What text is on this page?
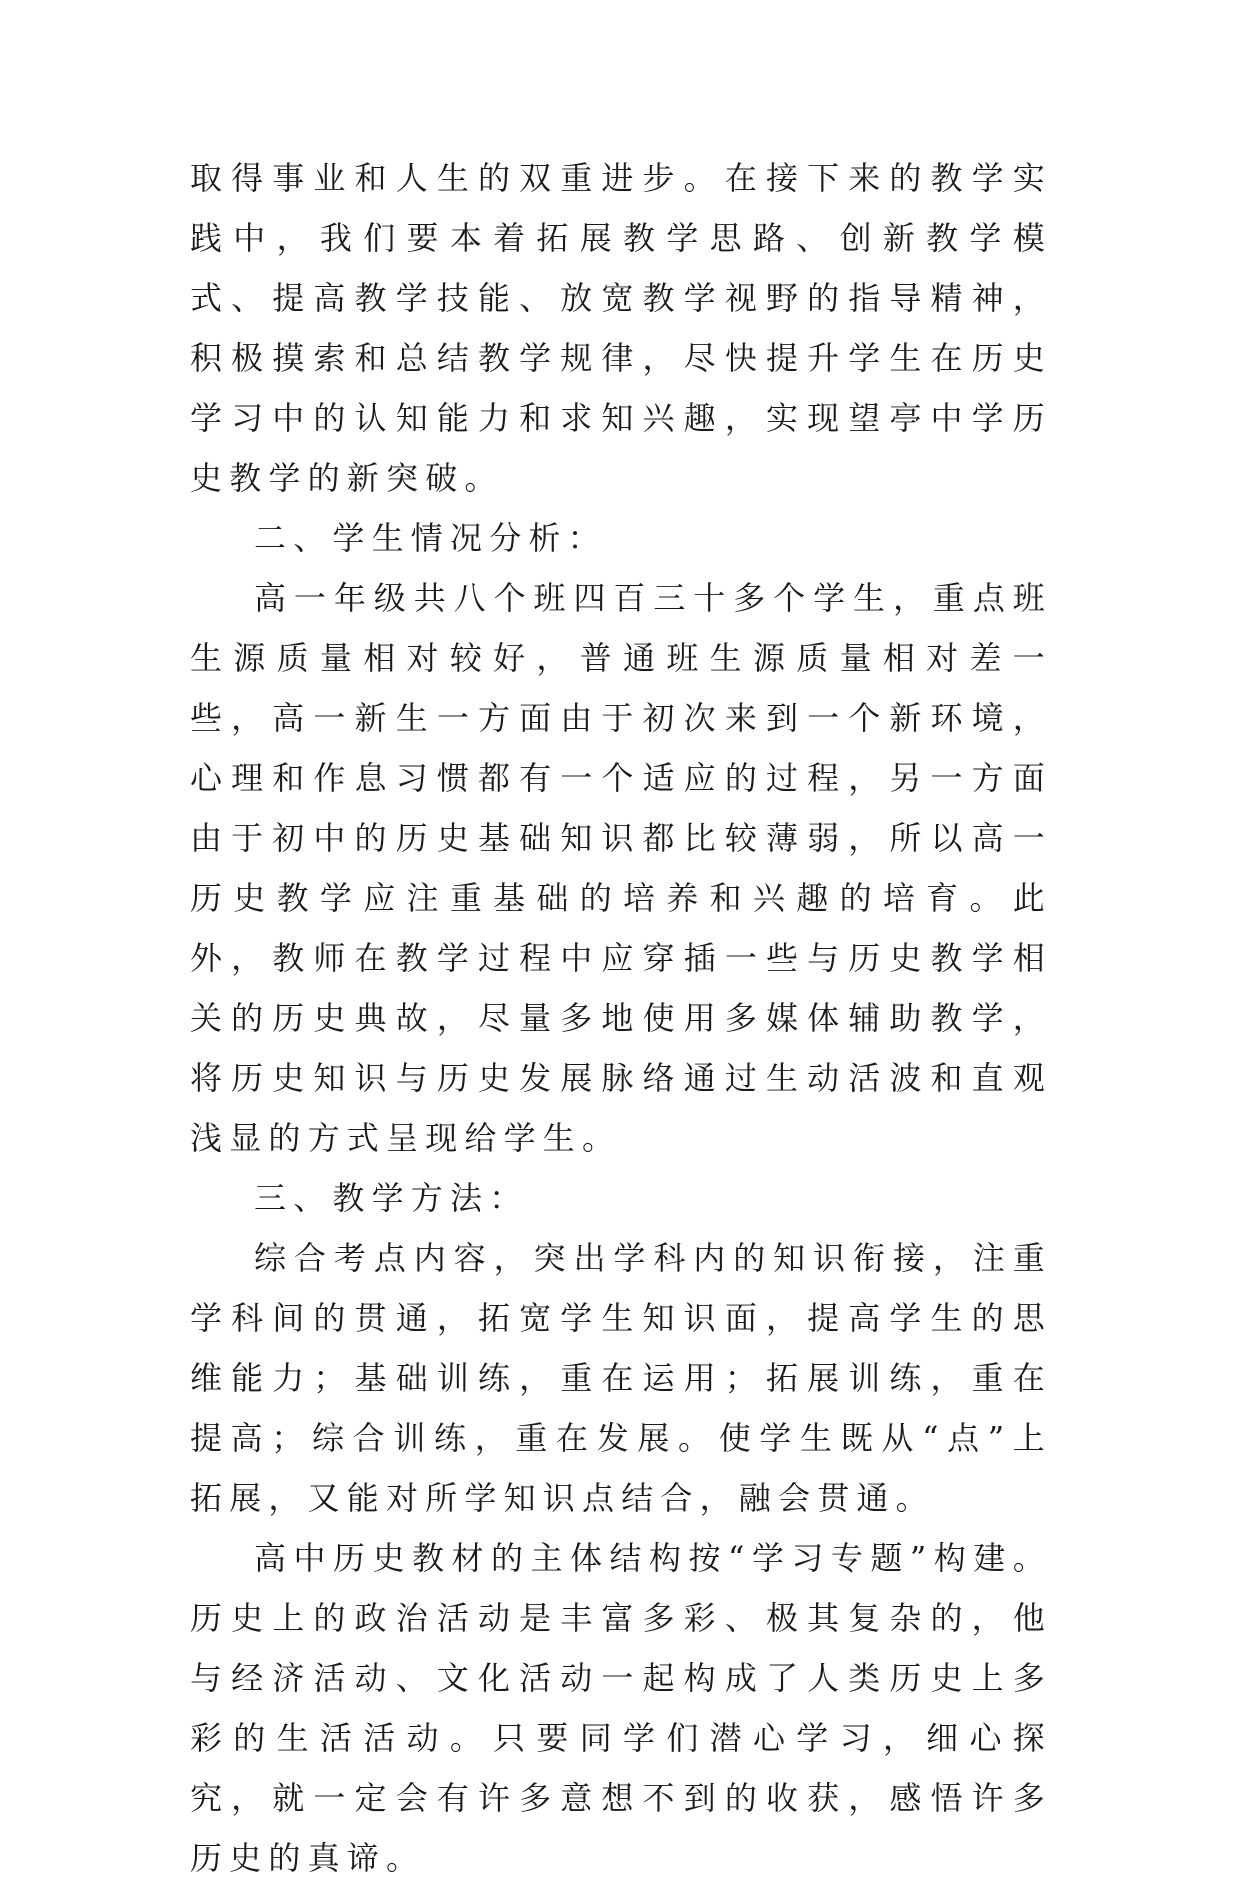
取得事业和人生的双重进步。在接下来的教学实践中，我们要本着拓展教学思路、创新教学模式、提高教学技能、放宽教学视野的指导精神，积极摸索和总结教学规律，尽快提升学生在历史学习中的认知能力和求知兴趣，实现望亭中学历史教学的新突破。

二、学生情况分析：

高一年级共八个班四百三十多个学生，重点班生源质量相对较好，普通班生源质量相对差一些，高一新生一方面由于初次来到一个新环境，心理和作息习惯都有一个适应的过程，另一方面由于初中的历史基础知识都比较薄弱，所以高一历史教学应注重基础的培养和兴趣的培育。此外，教师在教学过程中应穿插一些与历史教学相关的历史典故，尽量多地使用多媒体辅助教学，将历史知识与历史发展脉络通过生动活波和直观浅显的方式呈现给学生。

三、教学方法：

综合考点内容，突出学科内的知识衔接，注重学科间的贯通，拓宽学生知识面，提高学生的思维能力；基础训练，重在运用；拓展训练，重在提高；综合训练，重在发展。使学生既从“点”上拓展，又能对所学知识点结合，融会贯通。

高中历史教材的主体结构按“学习专题”构建。历史上的政治活动是丰富多彩、极其复杂的，他与经济活动、文化活动一起构成了人类历史上多彩的生活活动。只要同学们潜心学习，细心探究，就一定会有许多意想不到的收获，感悟许多历史的真谛。
